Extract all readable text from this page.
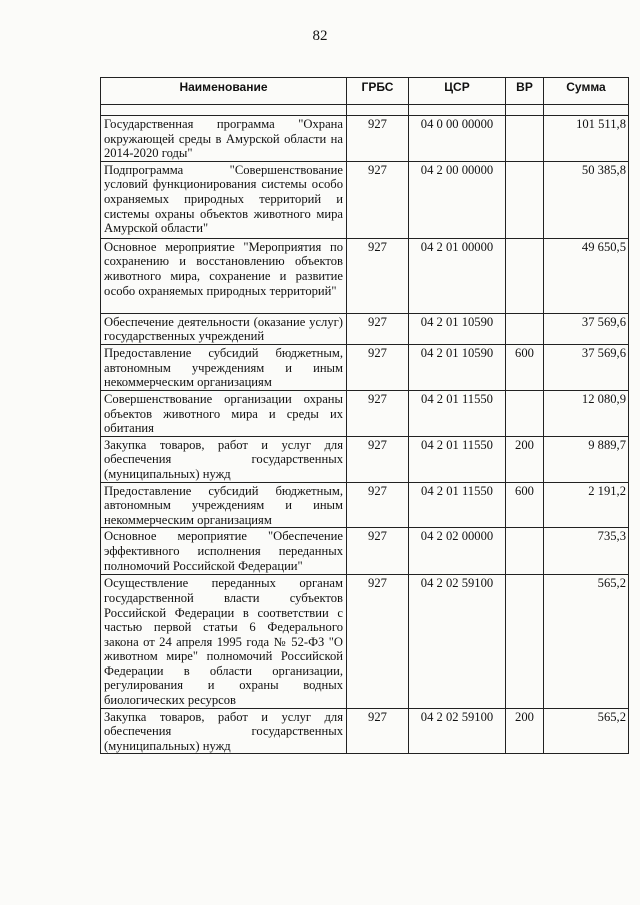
82
Наименование	ГРБС	ЦСР	ВР	Сумма

Государственная программа "Охрана окружающей среды в Амурской области на 2014-2020 годы"	927	04 0 00 00000		101 511,8
Подпрограмма "Совершенствование условий функционирования системы особо охраняемых природных территорий и системы охраны объектов животного мира Амурской области"	927	04 2 00 00000		50 385,8
Основное мероприятие "Мероприятия по сохранению и восстановлению объектов животного мира, сохранение и развитие особо охраняемых природных территорий"	927	04 2 01 00000		49 650,5
Обеспечение деятельности (оказание услуг) государственных учреждений	927	04 2 01 10590		37 569,6
Предоставление субсидий бюджетным, автономным учреждениям и иным некоммерческим организациям	927	04 2 01 10590	600	37 569,6
Совершенствование организации охраны объектов животного мира и среды их обитания	927	04 2 01 11550		12 080,9
Закупка товаров, работ и услуг для обеспечения государственных (муниципальных) нужд	927	04 2 01 11550	200	9 889,7
Предоставление субсидий бюджетным, автономным учреждениям и иным некоммерческим организациям	927	04 2 01 11550	600	2 191,2
Основное мероприятие "Обеспечение эффективного исполнения переданных полномочий Российской Федерации"	927	04 2 02 00000		735,3
Осуществление переданных органам государственной власти субъектов Российской Федерации в соответствии с частью первой статьи 6 Федерального закона от 24 апреля 1995 года № 52-ФЗ "О животном мире" полномочий Российской Федерации в области организации, регулирования и охраны водных биологических ресурсов	927	04 2 02 59100		565,2
Закупка товаров, работ и услуг для обеспечения государственных (муниципальных) нужд	927	04 2 02 59100	200	565,2
